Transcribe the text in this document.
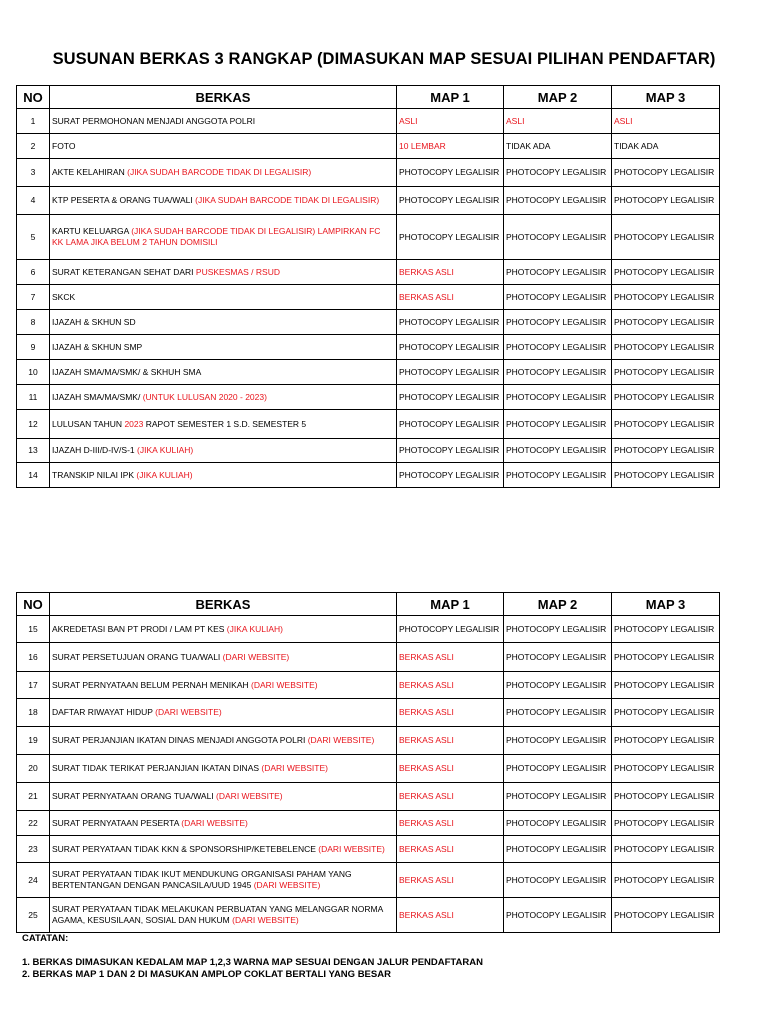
SUSUNAN BERKAS 3 RANGKAP (DIMASUKAN MAP SESUAI PILIHAN PENDAFTAR)
NO	BERKAS	MAP 1	MAP 2	MAP 3
1	SURAT PERMOHONAN MENJADI ANGGOTA POLRI	ASLI	ASLI	ASLI
2	FOTO	10 LEMBAR	TIDAK ADA	TIDAK ADA
3	AKTE KELAHIRAN (JIKA SUDAH BARCODE TIDAK DI LEGALISIR)	PHOTOCOPY LEGALISIR	PHOTOCOPY LEGALISIR	PHOTOCOPY LEGALISIR
4	KTP PESERTA & ORANG TUA/WALI (JIKA SUDAH BARCODE TIDAK DI LEGALISIR)	PHOTOCOPY LEGALISIR	PHOTOCOPY LEGALISIR	PHOTOCOPY LEGALISIR
5	KARTU KELUARGA (JIKA SUDAH BARCODE TIDAK DI LEGALISIR) LAMPIRKAN FC KK LAMA JIKA BELUM 2 TAHUN DOMISILI	PHOTOCOPY LEGALISIR	PHOTOCOPY LEGALISIR	PHOTOCOPY LEGALISIR
6	SURAT KETERANGAN SEHAT DARI PUSKESMAS / RSUD	BERKAS ASLI	PHOTOCOPY LEGALISIR	PHOTOCOPY LEGALISIR
7	SKCK	BERKAS ASLI	PHOTOCOPY LEGALISIR	PHOTOCOPY LEGALISIR
8	IJAZAH & SKHUN SD	PHOTOCOPY LEGALISIR	PHOTOCOPY LEGALISIR	PHOTOCOPY LEGALISIR
9	IJAZAH & SKHUN SMP	PHOTOCOPY LEGALISIR	PHOTOCOPY LEGALISIR	PHOTOCOPY LEGALISIR
10	IJAZAH SMA/MA/SMK/ & SKHUH SMA	PHOTOCOPY LEGALISIR	PHOTOCOPY LEGALISIR	PHOTOCOPY LEGALISIR
11	IJAZAH SMA/MA/SMK/ (UNTUK LULUSAN 2020 - 2023)	PHOTOCOPY LEGALISIR	PHOTOCOPY LEGALISIR	PHOTOCOPY LEGALISIR
12	LULUSAN TAHUN 2023 RAPOT SEMESTER 1 S.D. SEMESTER 5	PHOTOCOPY LEGALISIR	PHOTOCOPY LEGALISIR	PHOTOCOPY LEGALISIR
13	IJAZAH D-III/D-IV/S-1 (JIKA KULIAH)	PHOTOCOPY LEGALISIR	PHOTOCOPY LEGALISIR	PHOTOCOPY LEGALISIR
14	TRANSKIP NILAI IPK (JIKA KULIAH)	PHOTOCOPY LEGALISIR	PHOTOCOPY LEGALISIR	PHOTOCOPY LEGALISIR
NO	BERKAS	MAP 1	MAP 2	MAP 3
15	AKREDETASI BAN PT PRODI / LAM PT KES (JIKA KULIAH)	PHOTOCOPY LEGALISIR	PHOTOCOPY LEGALISIR	PHOTOCOPY LEGALISIR
16	SURAT PERSETUJUAN ORANG TUA/WALI (DARI WEBSITE)	BERKAS ASLI	PHOTOCOPY LEGALISIR	PHOTOCOPY LEGALISIR
17	SURAT PERNYATAAN BELUM PERNAH MENIKAH (DARI WEBSITE)	BERKAS ASLI	PHOTOCOPY LEGALISIR	PHOTOCOPY LEGALISIR
18	DAFTAR RIWAYAT HIDUP (DARI WEBSITE)	BERKAS ASLI	PHOTOCOPY LEGALISIR	PHOTOCOPY LEGALISIR
19	SURAT PERJANJIAN IKATAN DINAS MENJADI ANGGOTA POLRI (DARI WEBSITE)	BERKAS ASLI	PHOTOCOPY LEGALISIR	PHOTOCOPY LEGALISIR
20	SURAT TIDAK TERIKAT PERJANJIAN IKATAN DINAS (DARI WEBSITE)	BERKAS ASLI	PHOTOCOPY LEGALISIR	PHOTOCOPY LEGALISIR
21	SURAT PERNYATAAN ORANG TUA/WALI (DARI WEBSITE)	BERKAS ASLI	PHOTOCOPY LEGALISIR	PHOTOCOPY LEGALISIR
22	SURAT PERNYATAAN PESERTA (DARI WEBSITE)	BERKAS ASLI	PHOTOCOPY LEGALISIR	PHOTOCOPY LEGALISIR
23	SURAT PERYATAAN TIDAK KKN & SPONSORSHIP/KETEBELENCE (DARI WEBSITE)	BERKAS ASLI	PHOTOCOPY LEGALISIR	PHOTOCOPY LEGALISIR
24	SURAT PERYATAAN TIDAK IKUT MENDUKUNG ORGANISASI PAHAM YANG BERTENTANGAN DENGAN PANCASILA/UUD 1945 (DARI WEBSITE)	BERKAS ASLI	PHOTOCOPY LEGALISIR	PHOTOCOPY LEGALISIR
25	SURAT PERYATAAN TIDAK MELAKUKAN PERBUATAN YANG MELANGGAR NORMA AGAMA, KESUSILAAN, SOSIAL DAN HUKUM (DARI WEBSITE)	BERKAS ASLI	PHOTOCOPY LEGALISIR	PHOTOCOPY LEGALISIR
CATATAN:
1. BERKAS DIMASUKAN KEDALAM MAP 1,2,3 WARNA MAP SESUAI DENGAN JALUR PENDAFTARAN
2. BERKAS MAP 1 DAN 2 DI MASUKAN AMPLOP COKLAT BERTALI YANG BESAR
